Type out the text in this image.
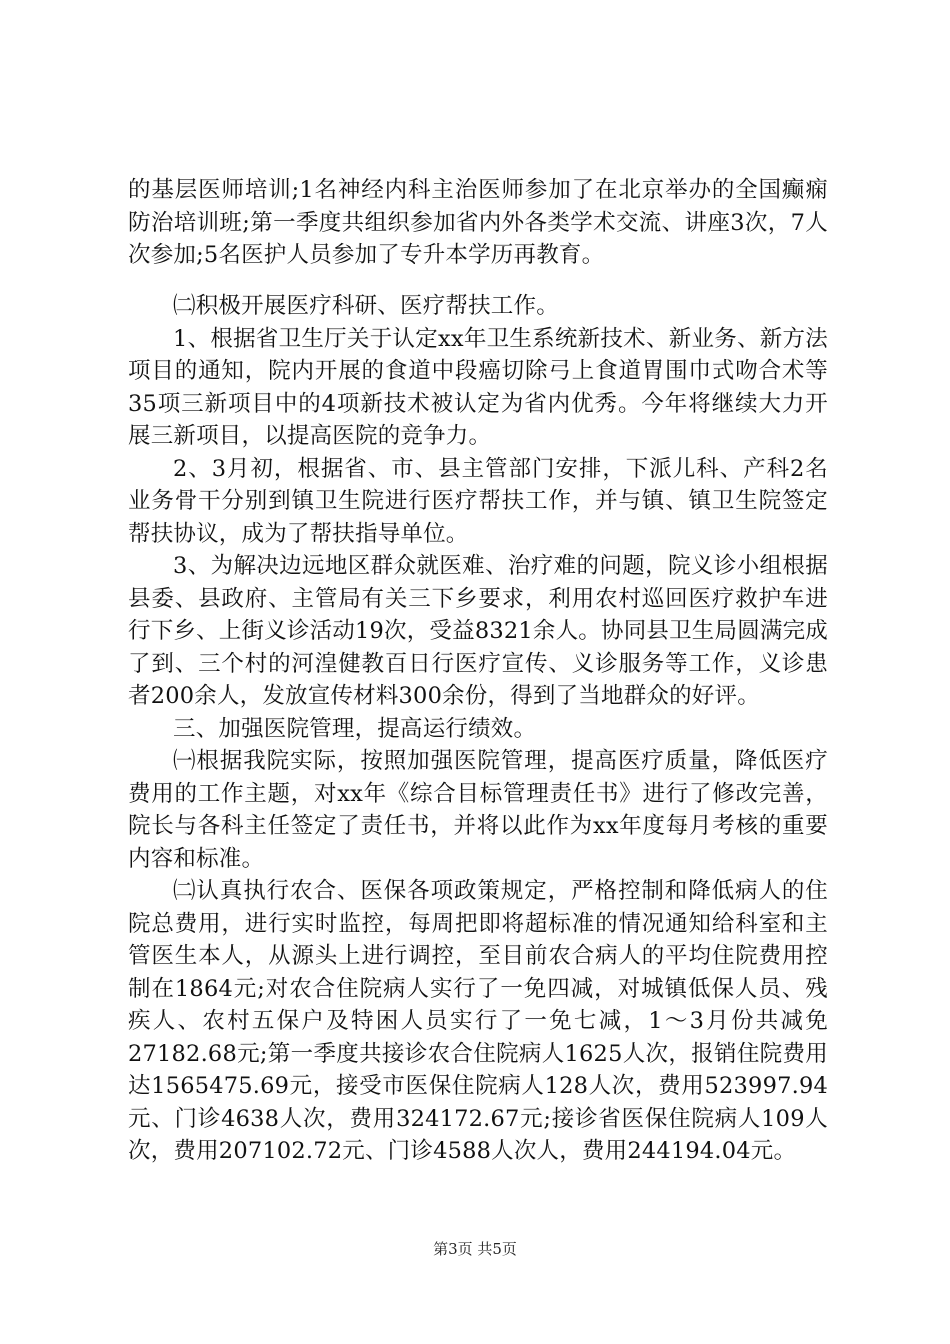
的基层医师培训;1名神经内科主治医师参加了在北京举办的全国癫痫防治培训班;第一季度共组织参加省内外各类学术交流、讲座3次，7人次参加;5名医护人员参加了专升本学历再教育。

㈡积极开展医疗科研、医疗帮扶工作。

1、根据省卫生厅关于认定xx年卫生系统新技术、新业务、新方法项目的通知，院内开展的食道中段癌切除弓上食道胃围巾式吻合术等35项三新项目中的4项新技术被认定为省内优秀。今年将继续大力开展三新项目，以提高医院的竞争力。

2、3月初，根据省、市、县主管部门安排，下派儿科、产科2名业务骨干分别到镇卫生院进行医疗帮扶工作，并与镇、镇卫生院签定帮扶协议，成为了帮扶指导单位。

3、为解决边远地区群众就医难、治疗难的问题，院义诊小组根据县委、县政府、主管局有关三下乡要求，利用农村巡回医疗救护车进行下乡、上街义诊活动19次，受益8321余人。协同县卫生局圆满完成了到、三个村的河湟健教百日行医疗宣传、义诊服务等工作，义诊患者200余人，发放宣传材料300余份，得到了当地群众的好评。

三、加强医院管理，提高运行绩效。

㈠根据我院实际，按照加强医院管理，提高医疗质量，降低医疗费用的工作主题，对xx年《综合目标管理责任书》进行了修改完善，院长与各科主任签定了责任书，并将以此作为xx年度每月考核的重要内容和标准。

㈡认真执行农合、医保各项政策规定，严格控制和降低病人的住院总费用，进行实时监控，每周把即将超标准的情况通知给科室和主管医生本人，从源头上进行调控，至目前农合病人的平均住院费用控制在1864元;对农合住院病人实行了一免四减，对城镇低保人员、残疾人、农村五保户及特困人员实行了一免七减，1～3月份共减免27182.68元;第一季度共接诊农合住院病人1625人次，报销住院费用达1565475.69元，接受市医保住院病人128人次，费用523997.94元、门诊4638人次，费用324172.67元;接诊省医保住院病人109人次，费用207102.72元、门诊4588人次人，费用244194.04元。

第3页 共5页
